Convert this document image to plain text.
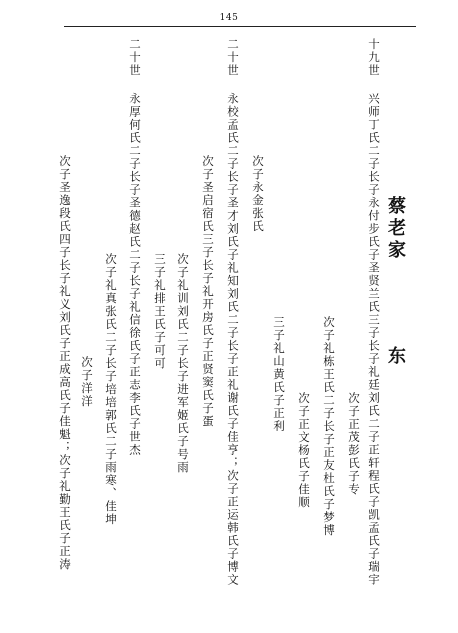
145
蔡老家
东
十九世 兴师丁氏二子长子永付步氏子圣贤兰氏三子长子礼廷刘氏二子正轩程氏子凯孟氏子瑞宇
次子正茂彭氏子专
次子礼栋王氏二子长子正友杜氏子梦博
次子正文杨氏子佳顺
三子礼山黄氏子正利
二十世 永校孟氏二子长子圣才刘氏子礼知刘氏二子长子正礼谢氏子佳亨；次子正运韩氏子博文 次子永金张氏
次子圣启宿氏三子长子礼开房氏子正贤窦氏子蛋
次子礼训刘氏二子长子进军姬氏子号雨
三子礼排王氏子可可
二十世 永厚何氏二子长子圣德赵氏二子长子礼信徐氏子正志李氏子世杰
次子礼真张氏二子长子培培郭氏二子雨寒、佳坤
次子洋洋
次子圣逸段氏四子长子礼义刘氏子正成高氏子佳魁；次子礼勤王氏子正涛
